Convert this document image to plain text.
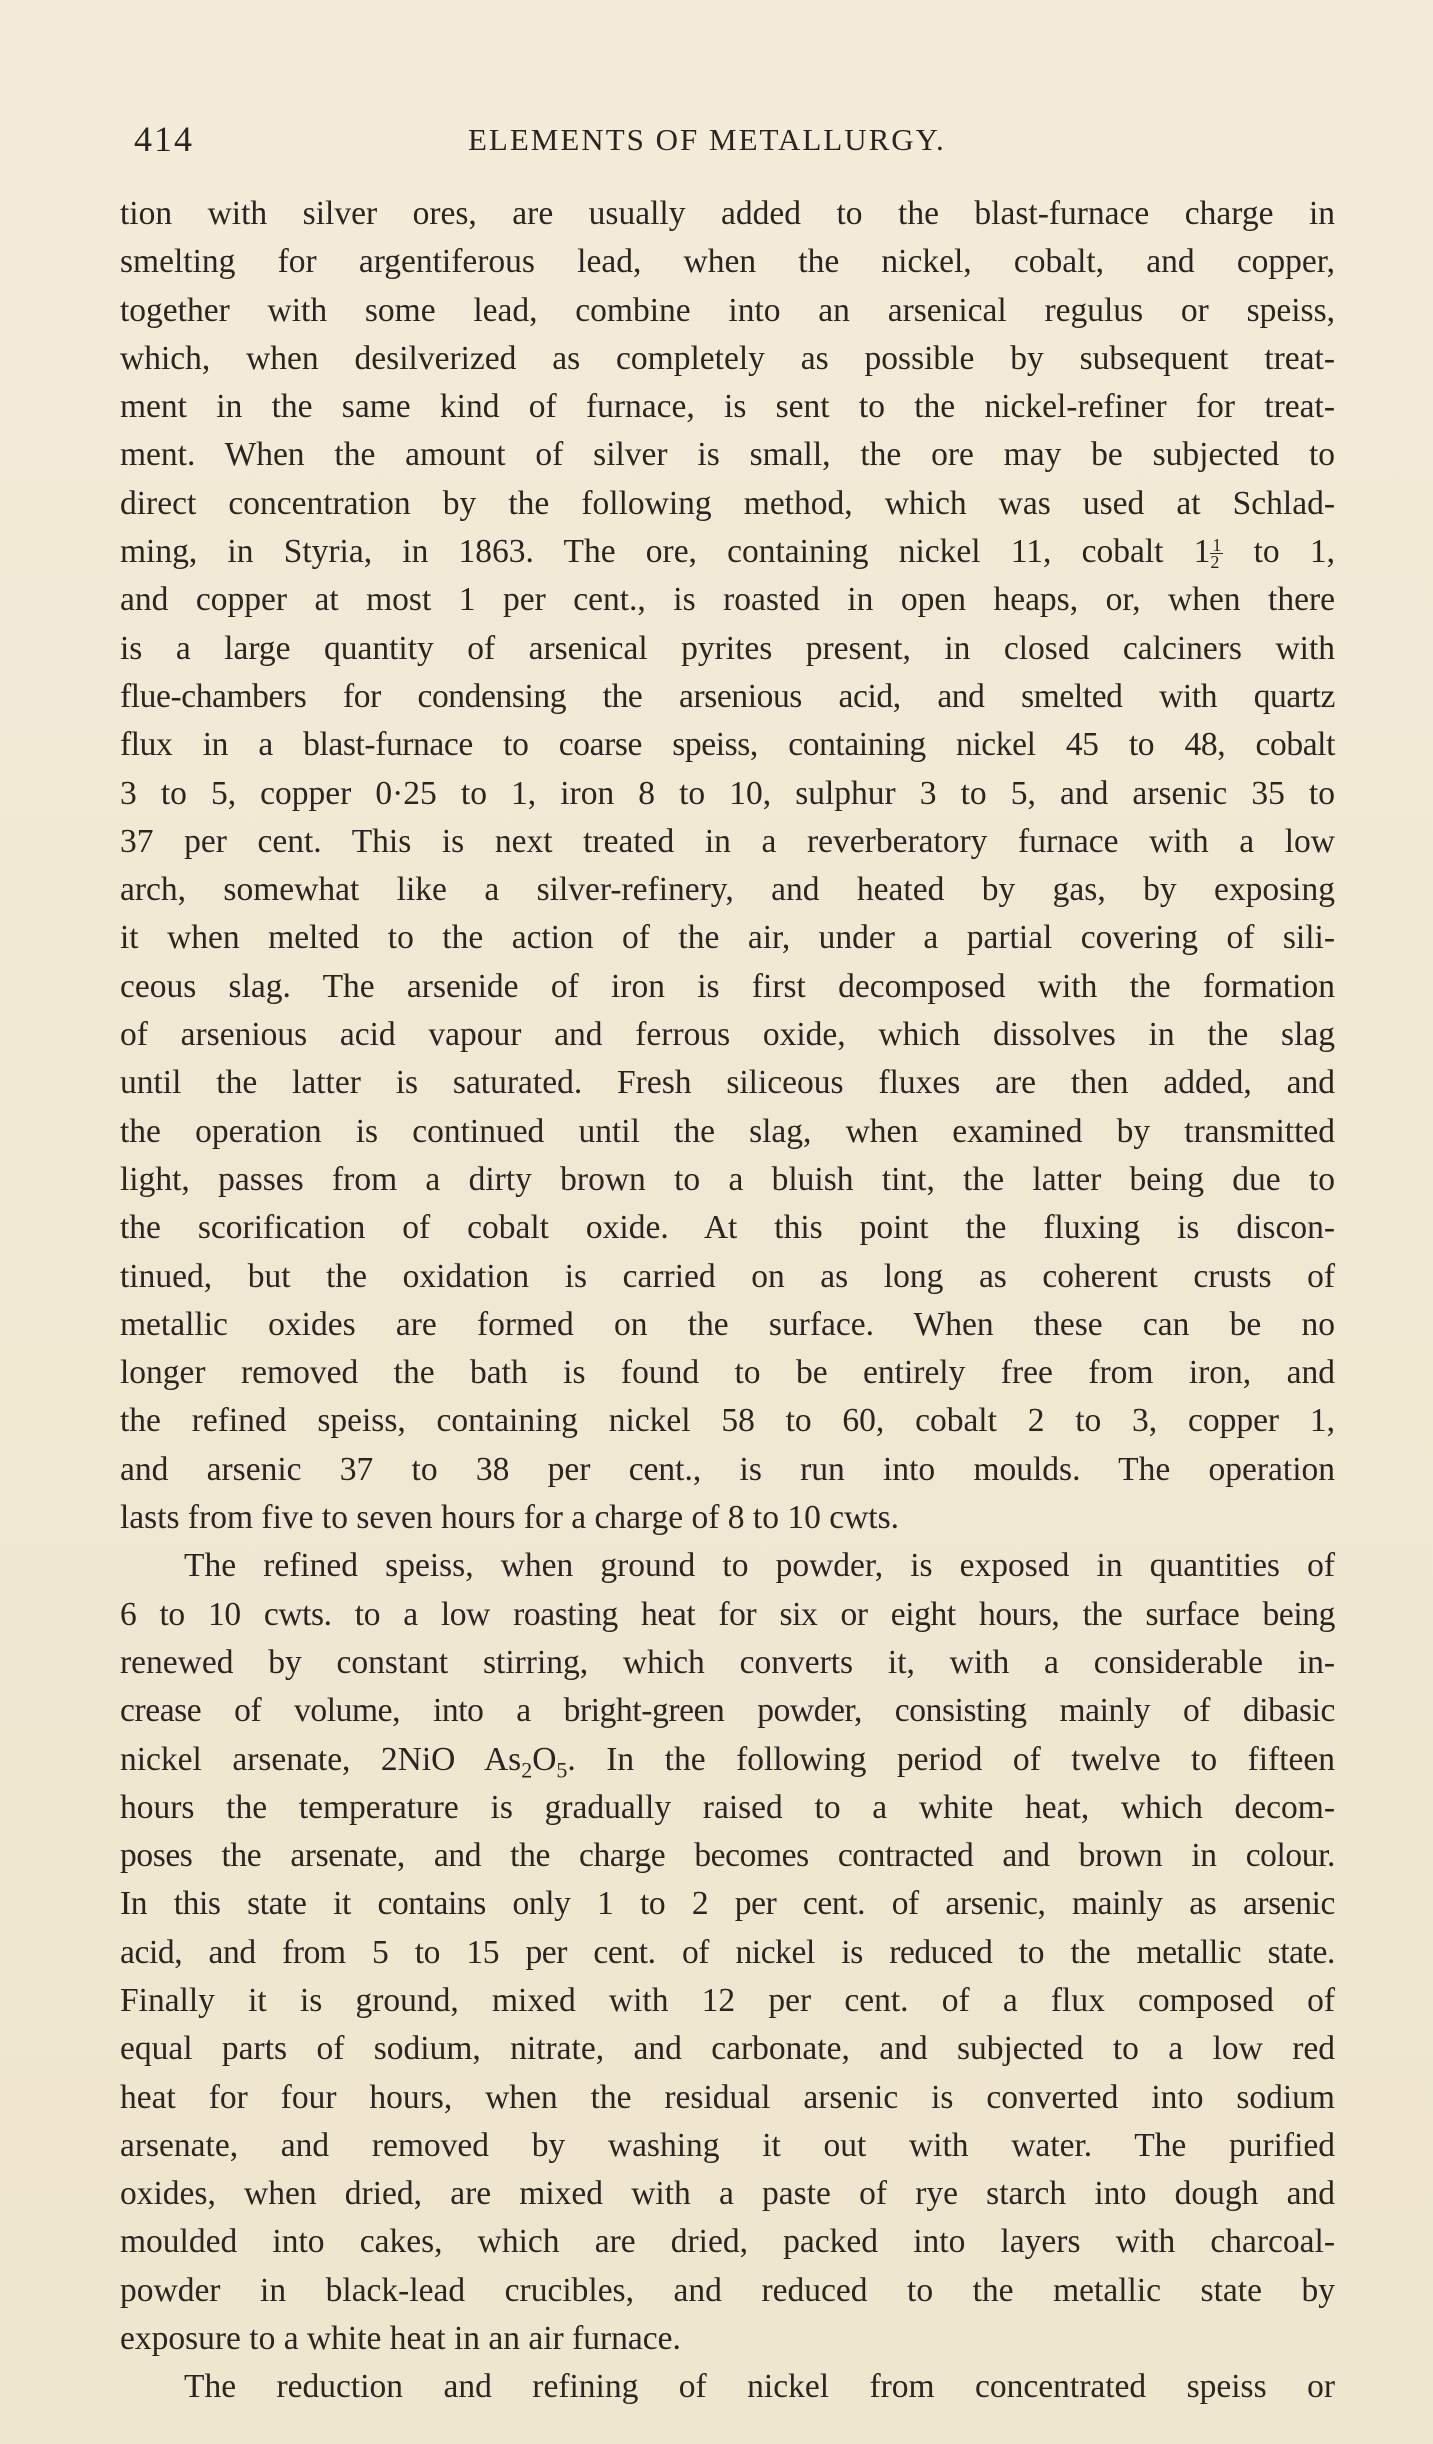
414	ELEMENTS OF METALLURGY.
tion with silver ores, are usually added to the blast-furnace charge in
smelting for argentiferous lead, when the nickel, cobalt, and copper,
together with some lead, combine into an arsenical regulus or speiss,
which, when desilverized as completely as possible by subsequent treat-
ment in the same kind of furnace, is sent to the nickel-refiner for treat-
ment. When the amount of silver is small, the ore may be subjected to
direct concentration by the following method, which was used at Schlad-
ming, in Styria, in 1863. The ore, containing nickel 11, cobalt $1 \frac{1}{2}$ to 1,
and copper at most 1 per cent., is roasted in open heaps, or, when there
is a large quantity of arsenical pyrites present, in closed calciners with
flue-chambers for condensing the arsenious acid, and smelted with quartz
flux in a blast-furnace to coarse speiss, containing nickel 45 to 48, cobalt
3 to 5, copper 0·25 to 1, iron 8 to 10, sulphur 3 to 5, and arsenic 35 to
37 per cent. This is next treated in a reverberatory furnace with a low
arch, somewhat like a silver-refinery, and heated by gas, by exposing
it when melted to the action of the air, under a partial covering of sili-
ceous slag. The arsenide of iron is first decomposed with the formation
of arsenious acid vapour and ferrous oxide, which dissolves in the slag
until the latter is saturated. Fresh siliceous fluxes are then added, and
the operation is continued until the slag, when examined by transmitted
light, passes from a dirty brown to a bluish tint, the latter being due to
the scorification of cobalt oxide. At this point the fluxing is discon-
tinued, but the oxidation is carried on as long as coherent crusts of
metallic oxides are formed on the surface. When these can be no
longer removed the bath is found to be entirely free from iron, and
the refined speiss, containing nickel 58 to 60, cobalt 2 to 3, copper 1,
and arsenic 37 to 38 per cent., is run into moulds. The operation
lasts from five to seven hours for a charge of 8 to 10 cwts.
The refined speiss, when ground to powder, is exposed in quantities of
6 to 10 cwts. to a low roasting heat for six or eight hours, the surface being
renewed by constant stirring, which converts it, with a considerable in-
crease of volume, into a bright-green powder, consisting mainly of dibasic
nickel arsenate, 2NiO $As_2O_5$. In the following period of twelve to fifteen
hours the temperature is gradually raised to a white heat, which decom-
poses the arsenate, and the charge becomes contracted and brown in colour.
In this state it contains only 1 to 2 per cent. of arsenic, mainly as arsenic
acid, and from 5 to 15 per cent. of nickel is reduced to the metallic state.
Finally it is ground, mixed with 12 per cent. of a flux composed of
equal parts of sodium, nitrate, and carbonate, and subjected to a low red
heat for four hours, when the residual arsenic is converted into sodium
arsenate, and removed by washing it out with water. The purified
oxides, when dried, are mixed with a paste of rye starch into dough and
moulded into cakes, which are dried, packed into layers with charcoal-
powder in black-lead crucibles, and reduced to the metallic state by
exposure to a white heat in an air furnace.
The reduction and refining of nickel from concentrated speiss or
